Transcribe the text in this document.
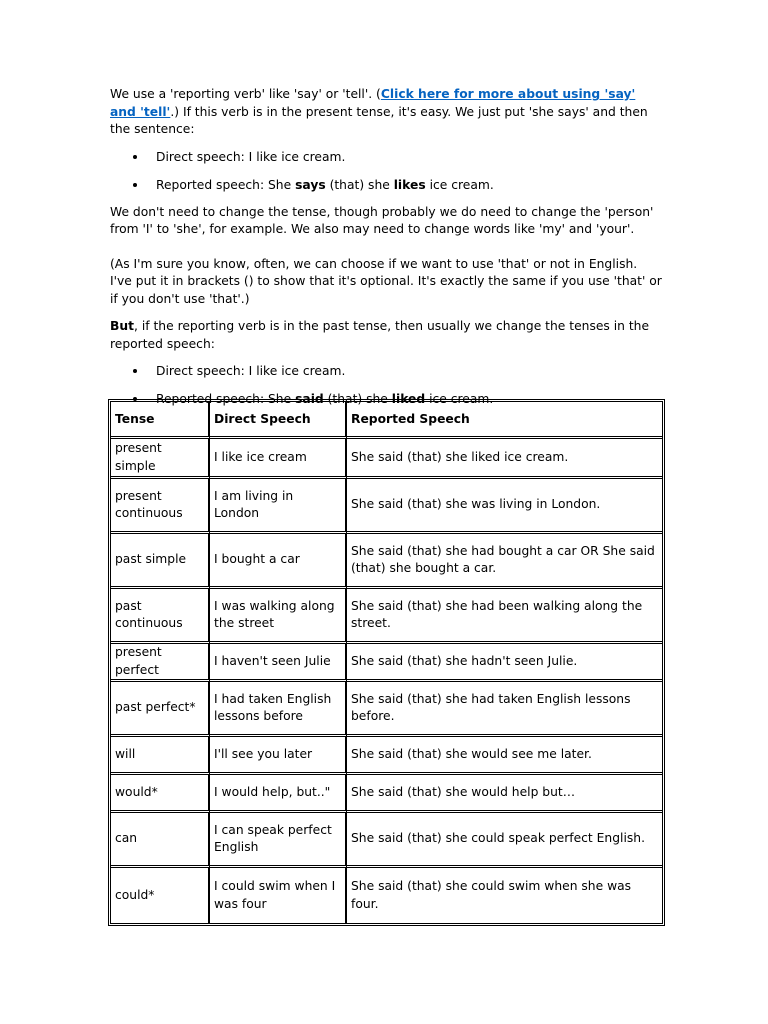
We use a 'reporting verb' like 'say' or 'tell'. (Click here for more about using 'say' and 'tell'.) If this verb is in the present tense, it's easy. We just put 'she says' and then the sentence:

Direct speech: I like ice cream.
Reported speech: She says (that) she likes ice cream.

We don't need to change the tense, though probably we do need to change the 'person' from 'I' to 'she', for example. We also may need to change words like 'my' and 'your'.

(As I'm sure you know, often, we can choose if we want to use 'that' or not in English. I've put it in brackets () to show that it's optional. It's exactly the same if you use 'that' or if you don't use 'that'.)

But, if the reporting verb is in the past tense, then usually we change the tenses in the reported speech:

Direct speech: I like ice cream.
Reported speech: She said (that) she liked ice cream.
Tense	Direct Speech	Reported Speech
present simple	I like ice cream	She said (that) she liked ice cream.
present continuous	I am living in London	She said (that) she was living in London.
past simple	I bought a car	She said (that) she had bought a car OR She said (that) she bought a car.
past continuous	I was walking along the street	She said (that) she had been walking along the street.
present perfect	I haven't seen Julie	She said (that) she hadn't seen Julie.
past perfect*	I had taken English lessons before	She said (that) she had taken English lessons before.
will	I'll see you later	She said (that) she would see me later.
would*	I would help, but.."	She said (that) she would help but…
can	I can speak perfect English	She said (that) she could speak perfect English.
could*	I could swim when I was four	She said (that) she could swim when she was four.
